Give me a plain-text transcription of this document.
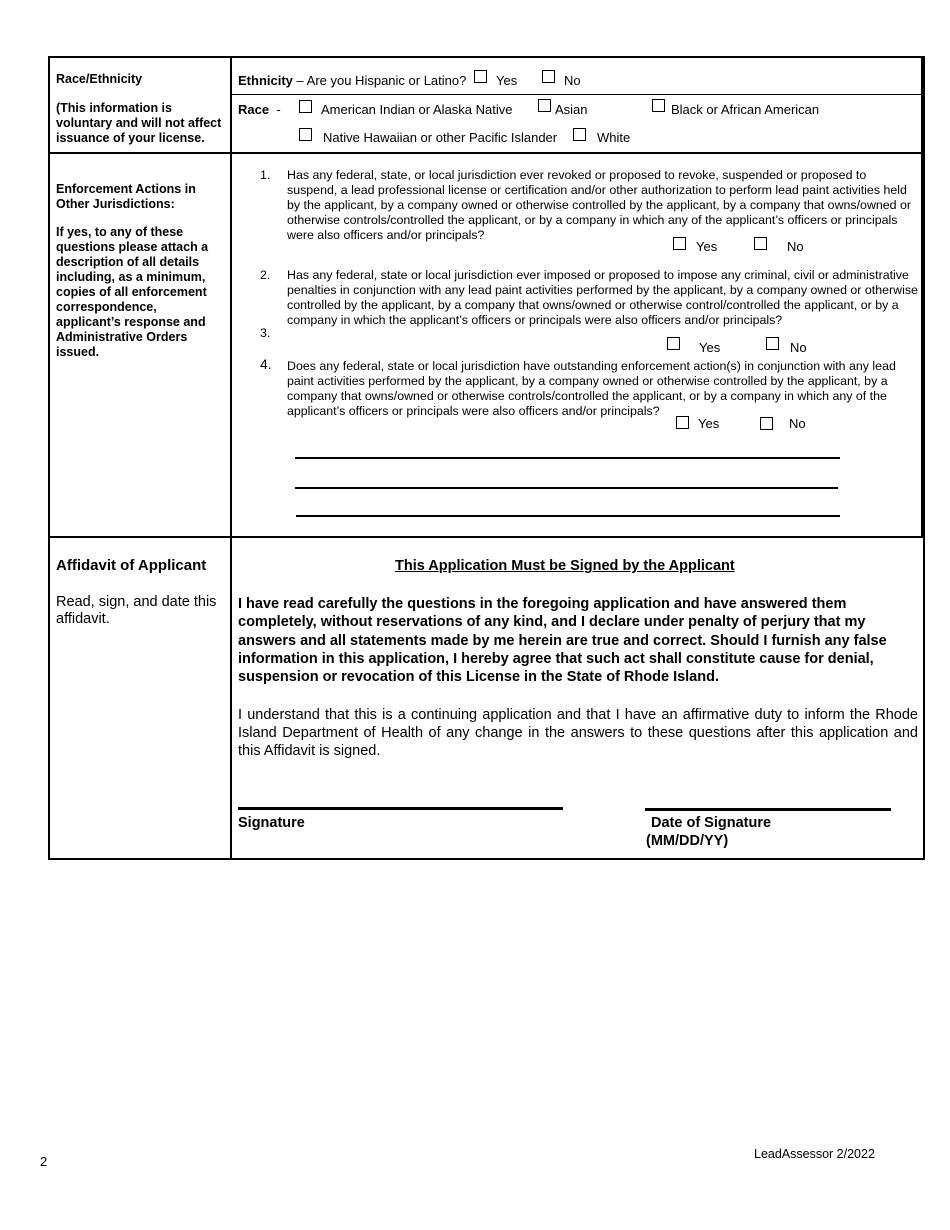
Race/Ethnicity
(This information is voluntary and will not affect issuance of your license.
Ethnicity – Are you Hispanic or Latino? Yes	No
Race -	American Indian or Alaska Native	Asian	Black or African American
Native Hawaiian or other Pacific Islander	White
Enforcement Actions in Other Jurisdictions:
If yes, to any of these questions please attach a description of all details including, as a minimum, copies of all enforcement correspondence, applicant’s response and Administrative Orders issued.
1. Has any federal, state, or local jurisdiction ever revoked or proposed to revoke, suspended or proposed to suspend, a lead professional license or certification and/or other authorization to perform lead paint activities held by the applicant, by a company owned or otherwise controlled by the applicant, by a company that owns/owned or otherwise controls/controlled the applicant, or by a company in which any of the applicant’s officers or principals were also officers and/or principals?
Yes	No
2. Has any federal, state or local jurisdiction ever imposed or proposed to impose any criminal, civil or administrative penalties in conjunction with any lead paint activities performed by the applicant, by a company owned or otherwise controlled by the applicant, by a company that owns/owned or otherwise control/controlled the applicant, or by a company in which the applicant’s officers or principals were also officers and/or principals?
3.
Yes	No
4. Does any federal, state or local jurisdiction have outstanding enforcement action(s) in conjunction with any lead paint activities performed by the applicant, by a company owned or otherwise controlled by the applicant, by a company that owns/owned or otherwise controls/controlled the applicant, or by a company in which any of the applicant’s officers or principals were also officers and/or principals?
Yes	No
Affidavit of Applicant
Read, sign, and date this affidavit.
This Application Must be Signed by the Applicant
I have read carefully the questions in the foregoing application and have answered them completely, without reservations of any kind, and I declare under penalty of perjury that my answers and all statements made by me herein are true and correct. Should I furnish any false information in this application, I hereby agree that such act shall constitute cause for denial, suspension or revocation of this License in the State of Rhode Island.
I understand that this is a continuing application and that I have an affirmative duty to inform the Rhode Island Department of Health of any change in the answers to these questions after this application and this Affidavit is signed.
Signature	Date of Signature
(MM/DD/YY)
2	LeadAssessor 2/2022
